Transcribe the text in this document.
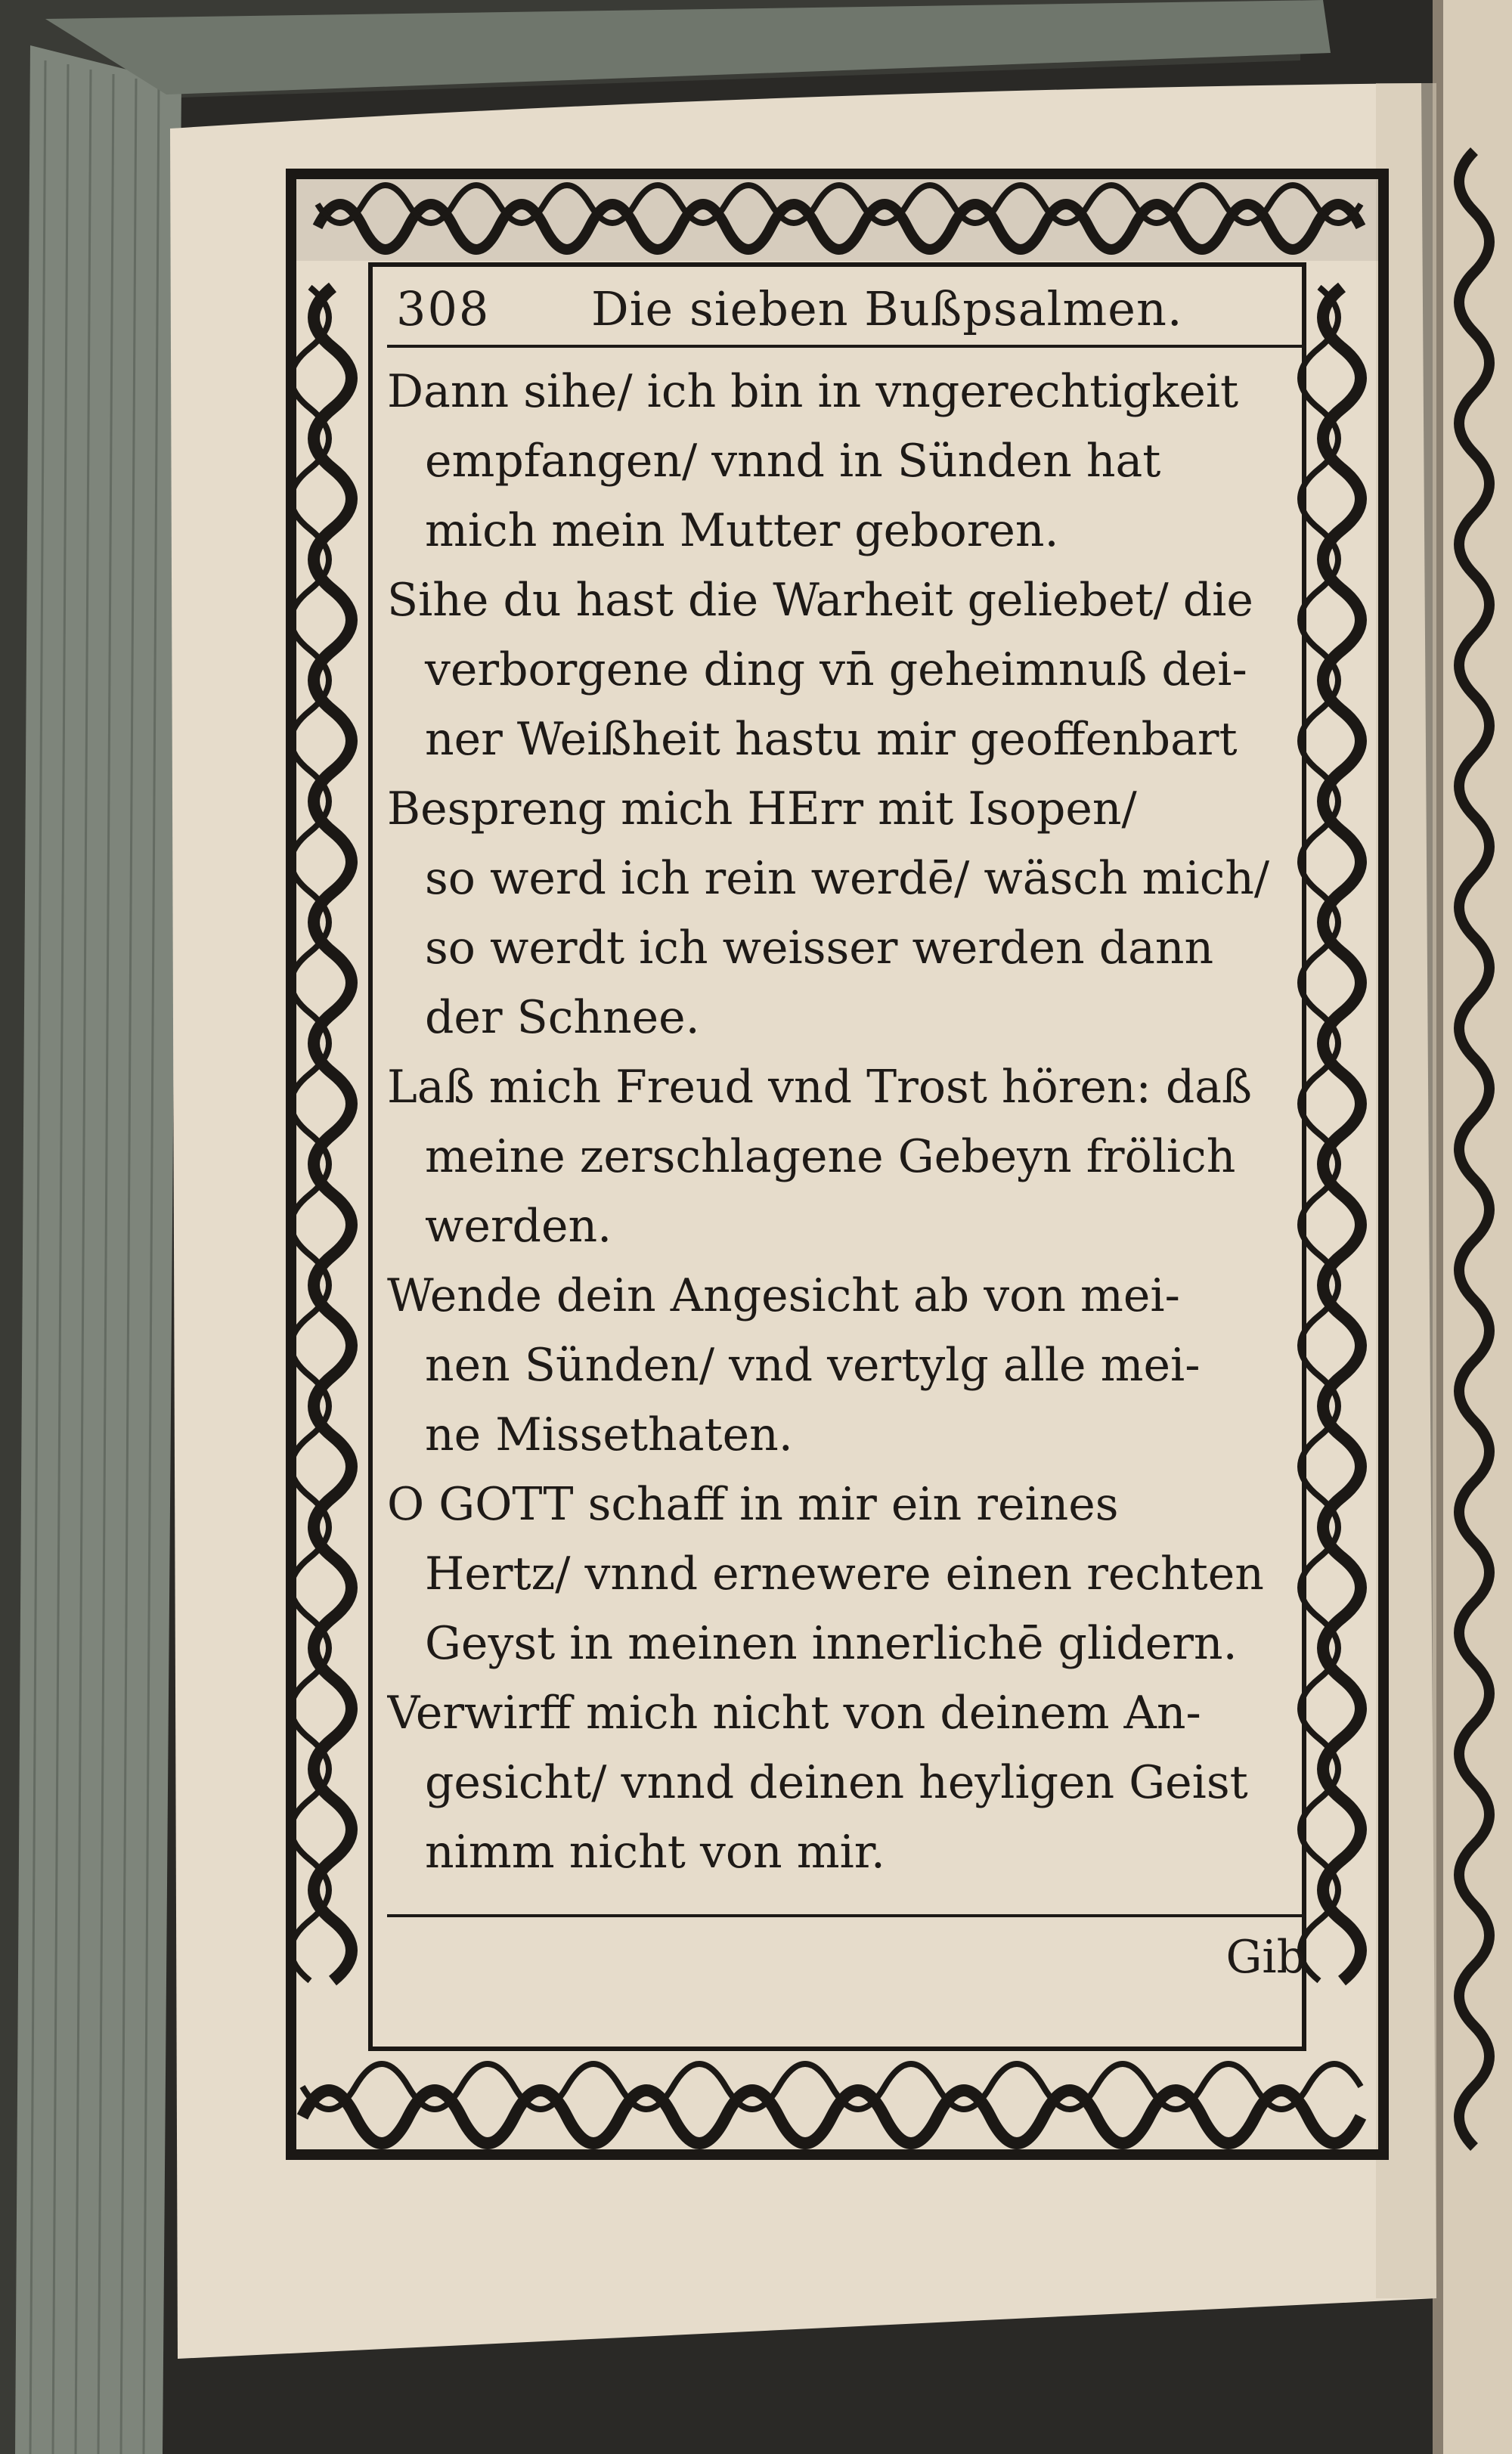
308 Die sieben Bußpsalmen.
Dann sihe/ ich bin in vngerechtigkeit
empfangen/ vnnd in Sünden hat
mich mein Mutter geboren.
Sihe du hast die Warheit geliebet/ die
verborgene ding vn̄ geheimnuß dei-
ner Weißheit hastu mir geoffenbart
Bespreng mich HErr mit Isopen/
so werd ich rein werdē/ wäsch mich/
so werdt ich weisser werden dann
der Schnee.
Laß mich Freud vnd Trost hören: daß
meine zerschlagene Gebeyn frölich
werden.
Wende dein Angesicht ab von mei-
nen Sünden/ vnd vertylg alle mei-
ne Missethaten.
O GOTT schaff in mir ein reines
Hertz/ vnnd ernewere einen rechten
Geyst in meinen innerlichē glidern.
Verwirff mich nicht von deinem An-
gesicht/ vnnd deinen heyligen Geist
nimm nicht von mir.
Gib
